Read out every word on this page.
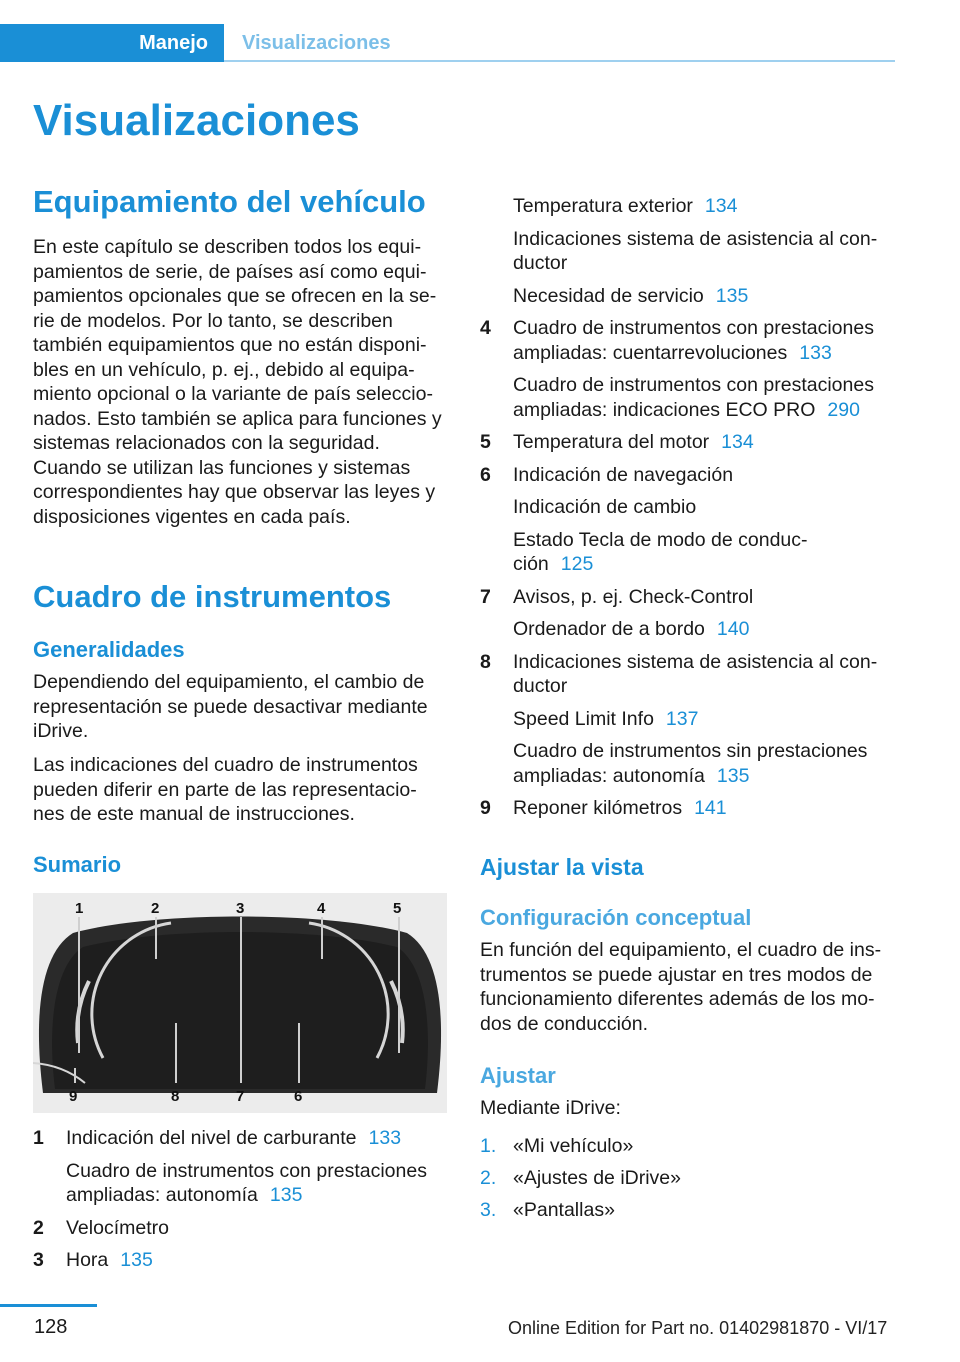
Manejo	Visualizaciones
Visualizaciones
Equipamiento del vehículo

En este capítulo se describen todos los equi-
pamientos de serie, de países así como equi-
pamientos opcionales que se ofrecen en la se-
rie de modelos. Por lo tanto, se describen
también equipamientos que no están disponi-
bles en un vehículo, p. ej., debido al equipa-
miento opcional o la variante de país seleccio-
nados. Esto también se aplica para funciones y
sistemas relacionados con la seguridad.
Cuando se utilizan las funciones y sistemas
correspondientes hay que observar las leyes y
disposiciones vigentes en cada país.

Cuadro de instrumentos
Generalidades

Dependiendo del equipamiento, el cambio de
representación se puede desactivar mediante
iDrive.

Las indicaciones del cuadro de instrumentos
pueden diferir en parte de las representacio-
nes de este manual de instrucciones.

Sumario
1	2	3	4	5
9	8	7	6
1 Indicación del nivel de carburante 133
Cuadro de instrumentos con prestaciones
ampliadas: autonomía 135
2 Velocímetro
3 Hora 135
Temperatura exterior 134
Indicaciones sistema de asistencia al con-
ductor
Necesidad de servicio 135
4 Cuadro de instrumentos con prestaciones
ampliadas: cuentarrevoluciones 133
Cuadro de instrumentos con prestaciones
ampliadas: indicaciones ECO PRO 290
5 Temperatura del motor 134
6 Indicación de navegación
Indicación de cambio
Estado Tecla de modo de conduc-
ción 125
7 Avisos, p. ej. Check-Control
Ordenador de a bordo 140
8 Indicaciones sistema de asistencia al con-
ductor
Speed Limit Info 137
Cuadro de instrumentos sin prestaciones
ampliadas: autonomía 135
9 Reponer kilómetros 141
Ajustar la vista
Configuración conceptual

En función del equipamiento, el cuadro de ins-
trumentos se puede ajustar en tres modos de
funcionamiento diferentes además de los mo-
dos de conducción.

Ajustar

Mediante iDrive:

1. «Mi vehículo»
2. «Ajustes de iDrive»
3. «Pantallas»
128	Online Edition for Part no. 01402981870 - VI/17
